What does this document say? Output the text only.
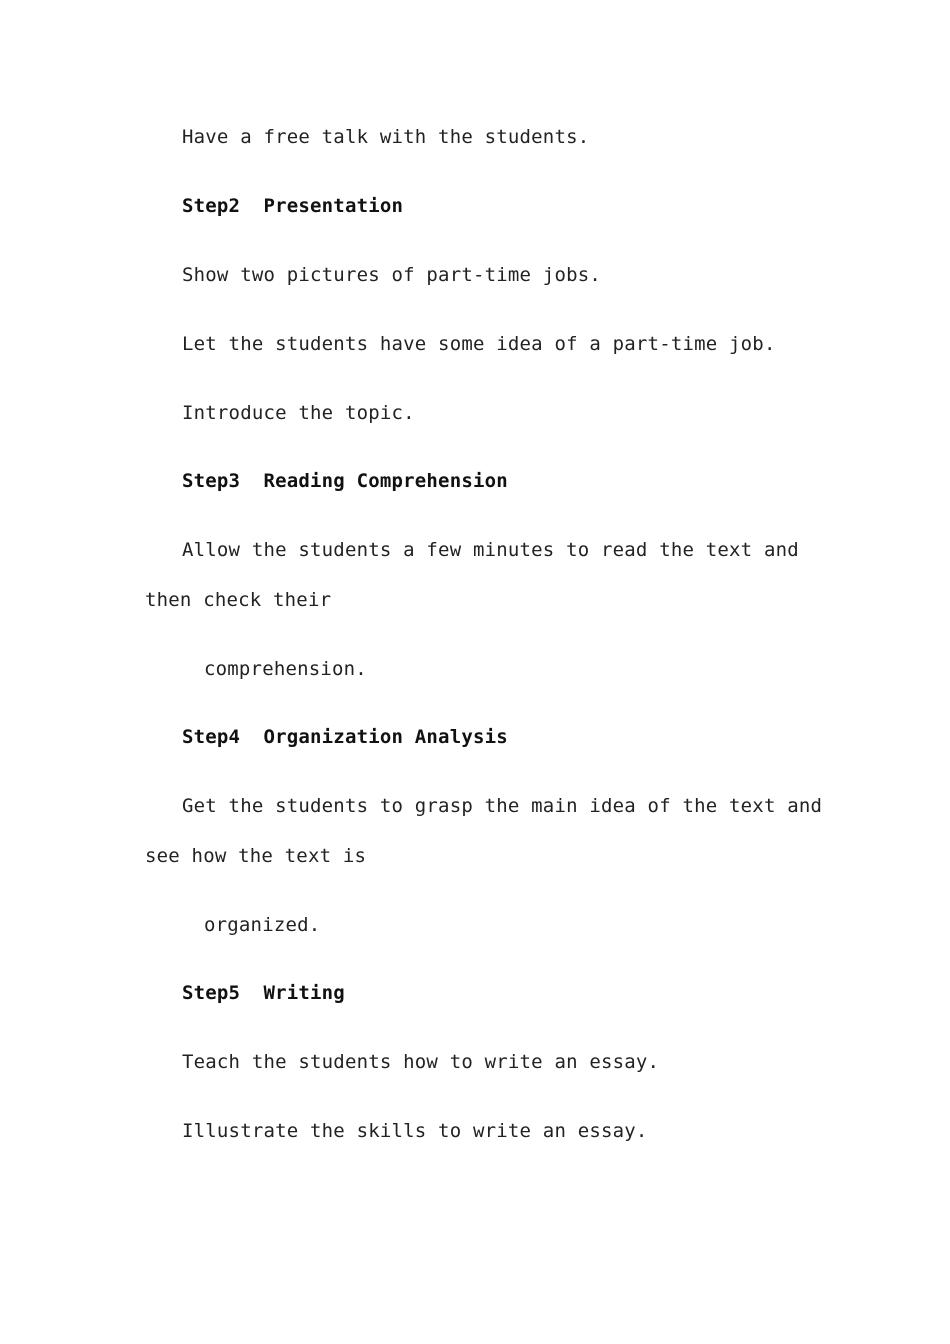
Have a free talk with the students.
Step2  Presentation
Show two pictures of part-time jobs.
Let the students have some idea of a part-time job.
Introduce the topic.
Step3  Reading Comprehension
Allow the students a few minutes to read the text and
then check their
comprehension.
Step4  Organization Analysis
Get the students to grasp the main idea of the text and
see how the text is
organized.
Step5  Writing
Teach the students how to write an essay.
Illustrate the skills to write an essay.
